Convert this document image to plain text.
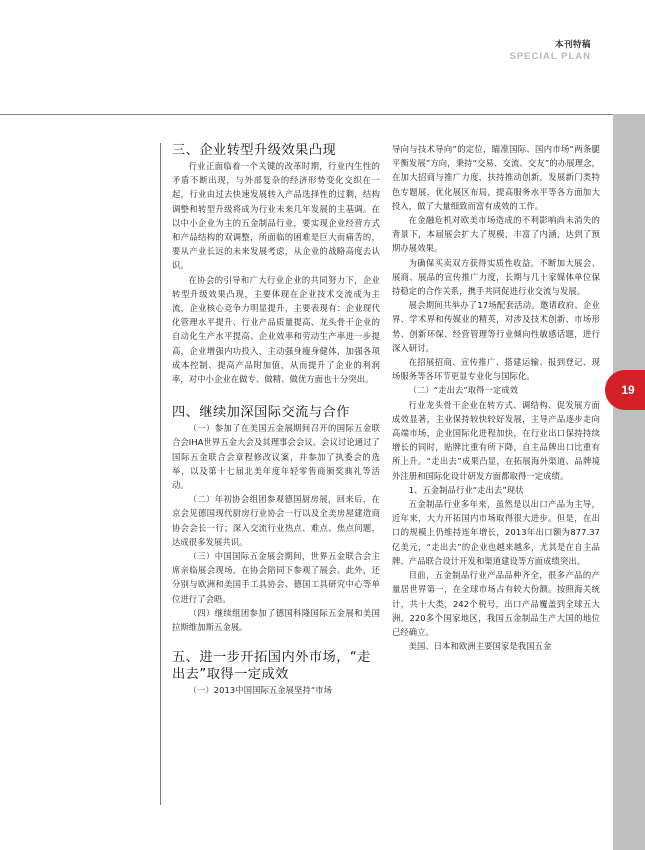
本刊特稿
SPECIAL PLAN
19
三、企业转型升级效果凸现

行业正面临着一个关键的改革时期，行业内生性的矛盾不断出现，与外部复杂的经济形势变化交织在一起，行业由过去快速发展转入产品选择性的过剩，结构调整和转型升级将成为行业未来几年发展的主基调。在以中小企业为主的五金制品行业，要实现企业经营方式和产品结构的双调整，所面临的困难是巨大而痛苦的，要从产业长远的未来发展考虑，从企业的战略高度去认识。

在协会的引导和广大行业企业的共同努力下，企业转型升级效果凸现，主要体现在企业技术交流成为主流，企业核心竞争力明显提升，主要表现有：企业现代化管理水平提升、行业产品质量提高、龙头骨干企业的自动化生产水平提高、企业效率和劳动生产率进一步提高，企业增强内功投入，主动强身瘦身健体，加强各项成本控制、提高产品附加值，从而提升了企业的利润率，对中小企业在做专、做精、做优方面也十分突出。

四、继续加深国际交流与合作

（一）参加了在美国五金展期间召开的国际五金联合会IHA世界五金大会及其理事会会议。会议讨论通过了国际五金联合会章程修改议案，并参加了执委会的选举，以及第十七届北美年度年轻零售商颁奖典礼等活动。

（二）年初协会组团参观德国厨房展，回来后，在京会见德国现代厨房行业协会一行以及全美房屋建造商协会会长一行；深入交流行业热点、难点、焦点问题，达成很多发展共识。

（三）中国国际五金展会期间，世界五金联合会主席亲临展会现场，在协会陪同下参观了展会。此外，还分别与欧洲和美国手工具协会、德国工具研究中心等单位进行了会晤。

（四）继续组团参加了德国科隆国际五金展和美国拉斯维加斯五金展。

五、进一步开拓国内外市场，“走出去”取得一定成效

（一）2013中国国际五金展坚持“市场

导向与技术导向”的定位，瞄准国际、国内市场“两条腿平衡发展”方向，秉持“交易、交流、交友”的办展理念，在加大招商与推广力度，扶持推动创新，发展新门类特色专题展，优化展区布局，提高服务水平等各方面加大投入，做了大量细致而富有成效的工作。

在金融危机对欧美市场造成的不利影响尚未消失的背景下，本届展会扩大了规模，丰富了内涵，达到了预期办展效果。

为确保买卖双方获得实质性收益，不断加大展会、展商、展品的宣传推广力度，长期与几十家媒体单位保持稳定的合作关系，携手共同促进行业交流与发展。

展会期间共举办了17场配套活动。邀请政府、企业界、学术界和传媒业的精英，对涉及技术创新、市场形势、创新环保、经营管理等行业倾向性敏感话题，进行深入研讨。

在招展招商、宣传推广、搭建运输、报到登记、现场服务等各环节更显专业化与国际化。

（二）“走出去”取得一定成效

行业龙头骨干企业在转方式、调结构、促发展方面成效显著，主业保持较快较好发展，主导产品逐步走向高端市场，企业国际化进程加快，在行业出口保持持续增长的同时，贴牌比重有所下降，自主品牌出口比重有所上升。“走出去”成果凸显，在拓展海外渠道、品牌境外注册和国际化设计研发方面都取得一定成绩。

1、五金制品行业“走出去”现状

五金制品行业多年来，虽然是以出口产品为主导，近年来，大力开拓国内市场取得很大进步。但是，在出口的规模上仍维持连年增长，2013年出口额为877.37亿美元，“走出去”的企业也越来越多，尤其是在自主品牌、产品联合设计开发和渠道建设等方面成绩突出。

目前，五金制品行业产品品种齐全，很多产品的产量居世界第一，在全球市场占有较大份额。按照海关统计，共十大类，242个税号，出口产品覆盖到全球五大洲，220多个国家地区，我国五金制品生产大国的地位已经确立。

美国、日本和欧洲主要国家是我国五金
